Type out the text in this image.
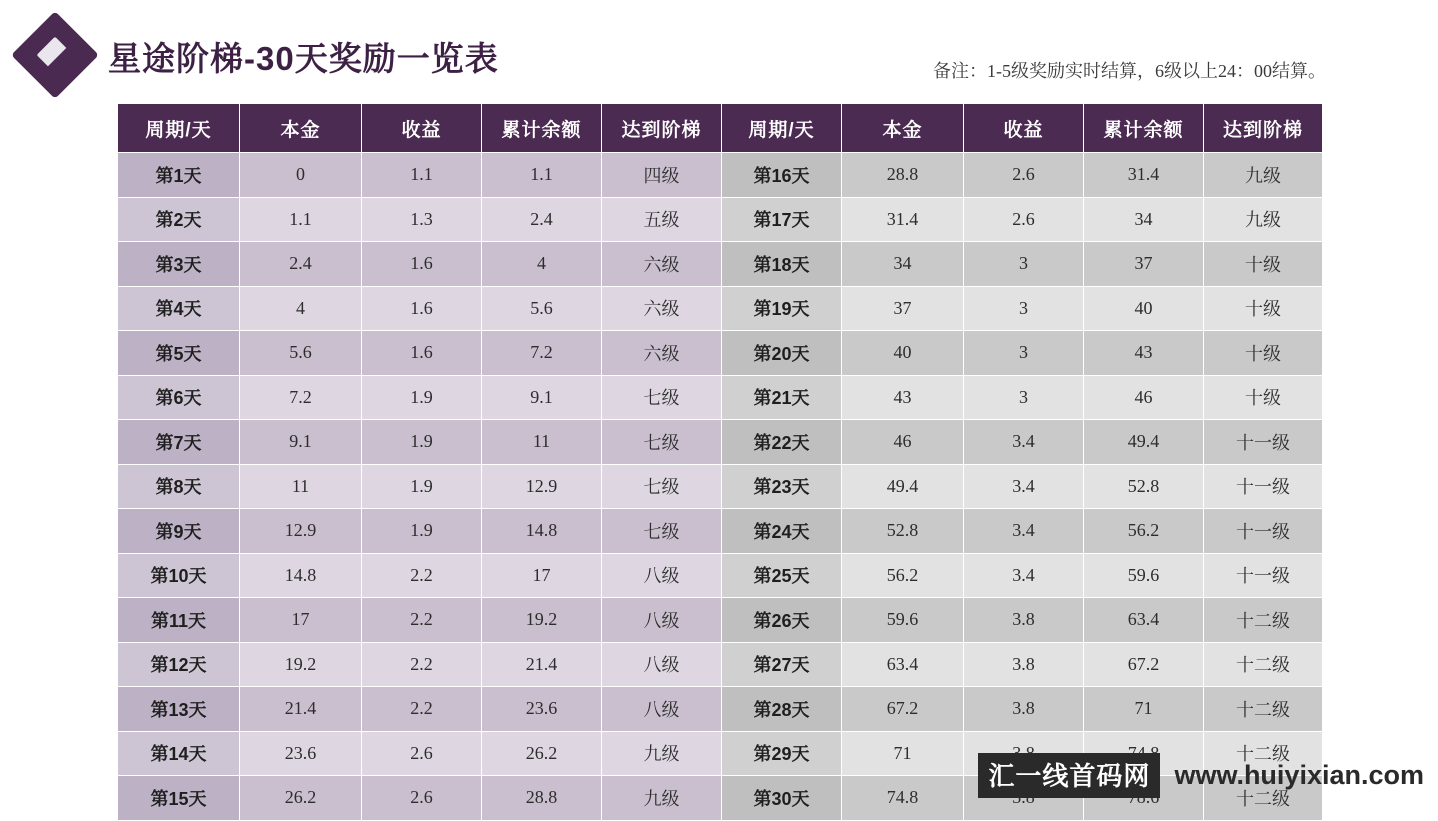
星途阶梯-30天奖励一览表	备注：1-5级奖励实时结算，6级以上24：00结算。
周期/天	本金	收益	累计余额	达到阶梯	周期/天	本金	收益	累计余额	达到阶梯
第1天	0	1.1	1.1	四级	第16天	28.8	2.6	31.4	九级
第2天	1.1	1.3	2.4	五级	第17天	31.4	2.6	34	九级
第3天	2.4	1.6	4	六级	第18天	34	3	37	十级
第4天	4	1.6	5.6	六级	第19天	37	3	40	十级
第5天	5.6	1.6	7.2	六级	第20天	40	3	43	十级
第6天	7.2	1.9	9.1	七级	第21天	43	3	46	十级
第7天	9.1	1.9	11	七级	第22天	46	3.4	49.4	十一级
第8天	11	1.9	12.9	七级	第23天	49.4	3.4	52.8	十一级
第9天	12.9	1.9	14.8	七级	第24天	52.8	3.4	56.2	十一级
第10天	14.8	2.2	17	八级	第25天	56.2	3.4	59.6	十一级
第11天	17	2.2	19.2	八级	第26天	59.6	3.8	63.4	十二级
第12天	19.2	2.2	21.4	八级	第27天	63.4	3.8	67.2	十二级
第13天	21.4	2.2	23.6	八级	第28天	67.2	3.8	71	十二级
第14天	23.6	2.6	26.2	九级	第29天	71			十二级
第15天	26.2	2.6	28.8	九级	第30天	74.8			十二级
汇一线首码网 www.huiyixian.com
